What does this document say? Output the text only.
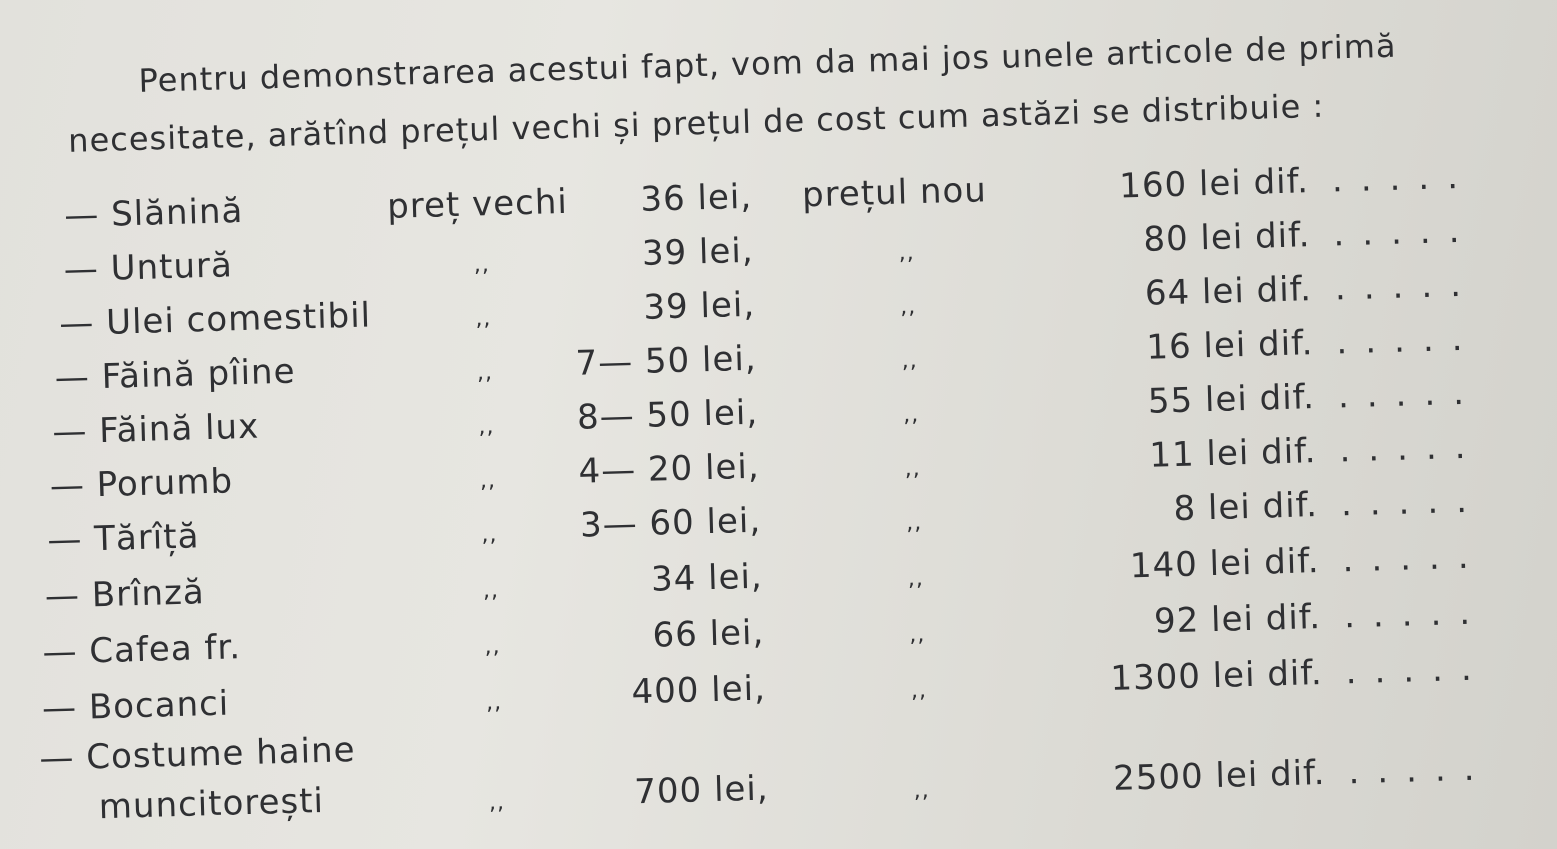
Pentru demonstrarea acestui fapt, vom da mai jos unele articole de primă
necesitate, arătînd prețul vechi și prețul de cost cum astăzi se distribuie :
— Slănină	preț vechi 36 lei, prețul nou	160 lei dif. .....
— Untură	,,	39 lei,	,,	80 lei dif. .....
— Ulei comestibil	,,	39 lei,	,,	64 lei dif. .....
— Făină pîine	,, 7— 50 lei,	,,	16 lei dif. .....
— Făină lux	,, 8— 50 lei,	,,	55 lei dif. .....
— Porumb	,, 4— 20 lei,	,,	11 lei dif. .....
— Tărîță	,, 3— 60 lei,	,,	8 lei dif. .....
— Brînză	,,	34 lei,	,,	140 lei dif. .....
— Cafea fr.	,,	66 lei,	,,	92 lei dif. .....
— Bocanci	,,	400 lei,	,,	1300 lei dif. .....
— Costume haine
muncitorești	,,	700 lei,	,,	2500 lei dif. .....
